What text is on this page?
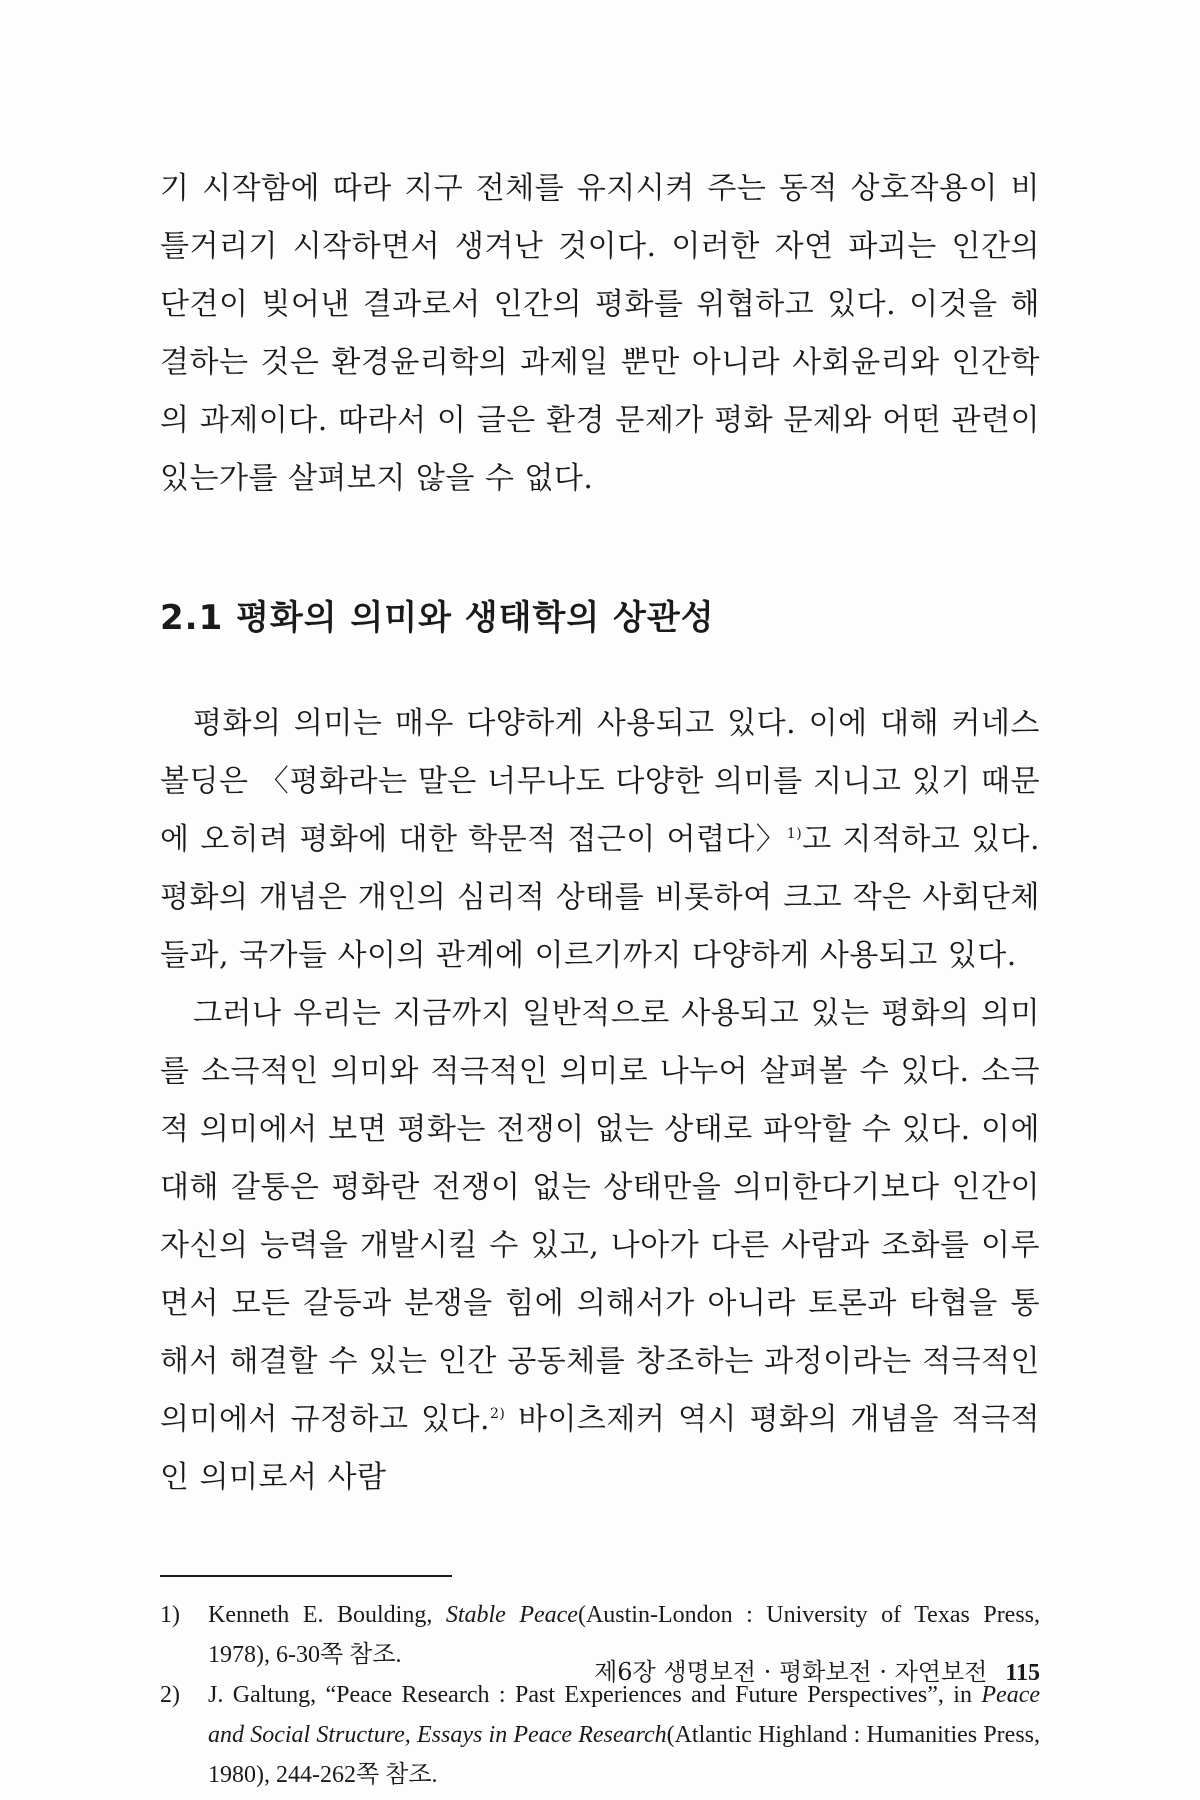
기 시작함에 따라 지구 전체를 유지시켜 주는 동적 상호작용이 비틀거리기 시작하면서 생겨난 것이다. 이러한 자연 파괴는 인간의 단견이 빚어낸 결과로서 인간의 평화를 위협하고 있다. 이것을 해결하는 것은 환경윤리학의 과제일 뿐만 아니라 사회윤리와 인간학의 과제이다. 따라서 이 글은 환경 문제가 평화 문제와 어떤 관련이 있는가를 살펴보지 않을 수 없다.

2.1 평화의 의미와 생태학의 상관성

평화의 의미는 매우 다양하게 사용되고 있다. 이에 대해 커네스 볼딩은 〈평화라는 말은 너무나도 다양한 의미를 지니고 있기 때문에 오히려 평화에 대한 학문적 접근이 어렵다〉$^{1)}$고 지적하고 있다. 평화의 개념은 개인의 심리적 상태를 비롯하여 크고 작은 사회단체들과, 국가들 사이의 관계에 이르기까지 다양하게 사용되고 있다.

그러나 우리는 지금까지 일반적으로 사용되고 있는 평화의 의미를 소극적인 의미와 적극적인 의미로 나누어 살펴볼 수 있다. 소극적 의미에서 보면 평화는 전쟁이 없는 상태로 파악할 수 있다. 이에 대해 갈퉁은 평화란 전쟁이 없는 상태만을 의미한다기보다 인간이 자신의 능력을 개발시킬 수 있고, 나아가 다른 사람과 조화를 이루면서 모든 갈등과 분쟁을 힘에 의해서가 아니라 토론과 타협을 통해서 해결할 수 있는 인간 공동체를 창조하는 과정이라는 적극적인 의미에서 규정하고 있다.$^{2)}$ 바이츠제커 역시 평화의 개념을 적극적인 의미로서 사람

1) Kenneth E. Boulding, Stable Peace(Austin-London : University of Texas Press, 1978), 6-30쪽 참조.

2) J. Galtung, “Peace Research : Past Experiences and Future Perspectives”, in Peace and Social Structure, Essays in Peace Research(Atlantic Highland : Humanities Press, 1980), 244-262쪽 참조.

제6장 생명보전 · 평화보전 · 자연보전 115
